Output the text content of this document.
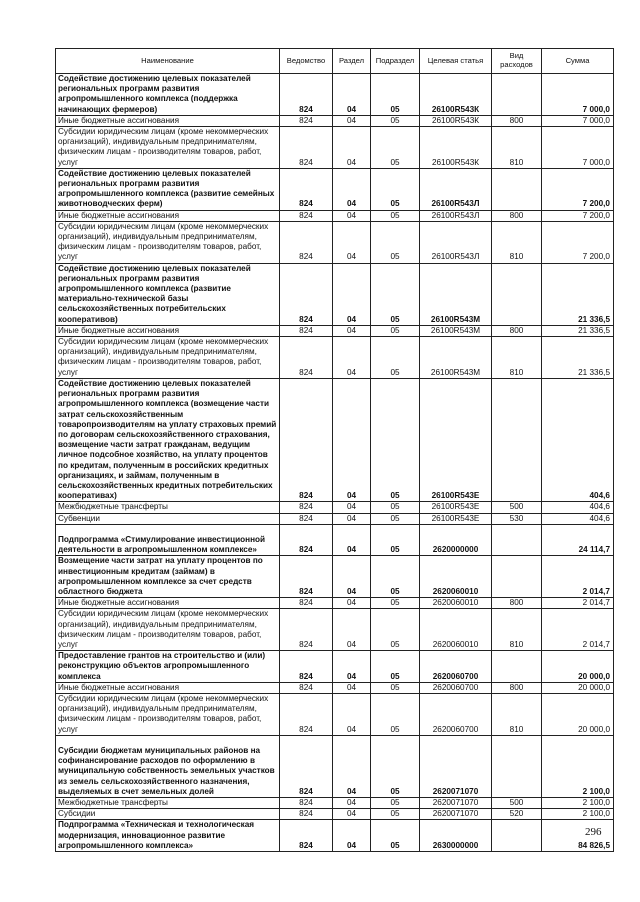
Наименование	Ведомство	Раздел	Подраздел	Целевая статья	Вид расходов	Сумма
Содействие достижению целевых показателей региональных программ развития агропромышленного комплекса (поддержка начинающих фермеров)	824	04	05	26100R543К		7 000,0
Иные бюджетные ассигнования	824	04	05	26100R543К	800	7 000,0
Субсидии юридическим лицам (кроме некоммерческих организаций), индивидуальным предпринимателям, физическим лицам - производителям товаров, работ, услуг	824	04	05	26100R543К	810	7 000,0
Содействие достижению целевых показателей региональных программ развития агропромышленного комплекса (развитие семейных животноводческих ферм)	824	04	05	26100R543Л		7 200,0
Иные бюджетные ассигнования	824	04	05	26100R543Л	800	7 200,0
Субсидии юридическим лицам (кроме некоммерческих организаций), индивидуальным предпринимателям, физическим лицам - производителям товаров, работ, услуг	824	04	05	26100R543Л	810	7 200,0
Содействие достижению целевых показателей региональных программ развития агропромышленного комплекса (развитие материально-технической базы сельскохозяйственных потребительских кооперативов)	824	04	05	26100R543М		21 336,5
Иные бюджетные ассигнования	824	04	05	26100R543М	800	21 336,5
Субсидии юридическим лицам (кроме некоммерческих организаций), индивидуальным предпринимателям, физическим лицам - производителям товаров, работ, услуг	824	04	05	26100R543М	810	21 336,5
Содействие достижению целевых показателей региональных программ развития агропромышленного комплекса (возмещение части затрат сельскохозяйственным товаропроизводителям на уплату страховых премий по договорам сельскохозяйственного страхования, возмещение части затрат гражданам, ведущим личное подсобное хозяйство, на уплату процентов по кредитам, полученным в российских кредитных организациях, и займам, полученным в сельскохозяйственных кредитных потребительских кооперативах)	824	04	05	26100R543Е		404,6
Межбюджетные трансферты	824	04	05	26100R543Е	500	404,6
Субвенции	824	04	05	26100R543Е	530	404,6
Подпрограмма «Стимулирование инвестиционной деятельности в агропромышленном комплексе»	824	04	05	2620000000		24 114,7
Возмещение части затрат на уплату процентов по инвестиционным кредитам (займам) в агропромышленном комплексе за счет средств областного бюджета	824	04	05	2620060010		2 014,7
Иные бюджетные ассигнования	824	04	05	2620060010	800	2 014,7
Субсидии юридическим лицам (кроме некоммерческих организаций), индивидуальным предпринимателям, физическим лицам - производителям товаров, работ, услуг	824	04	05	2620060010	810	2 014,7
Предоставление грантов на строительство и (или) реконструкцию объектов агропромышленного комплекса	824	04	05	2620060700		20 000,0
Иные бюджетные ассигнования	824	04	05	2620060700	800	20 000,0
Субсидии юридическим лицам (кроме некоммерческих организаций), индивидуальным предпринимателям, физическим лицам - производителям товаров, работ, услуг	824	04	05	2620060700	810	20 000,0
Субсидии бюджетам муниципальных районов на софинансирование расходов по оформлению в муниципальную собственность земельных участков из земель сельскохозяйственного назначения, выделяемых в счет земельных долей	824	04	05	2620071070		2 100,0
Межбюджетные трансферты	824	04	05	2620071070	500	2 100,0
Субсидии	824	04	05	2620071070	520	2 100,0
Подпрограмма «Техническая и технологическая модернизация, инновационное развитие агропромышленного комплекса»	824	04	05	2630000000		84 826,5
296
